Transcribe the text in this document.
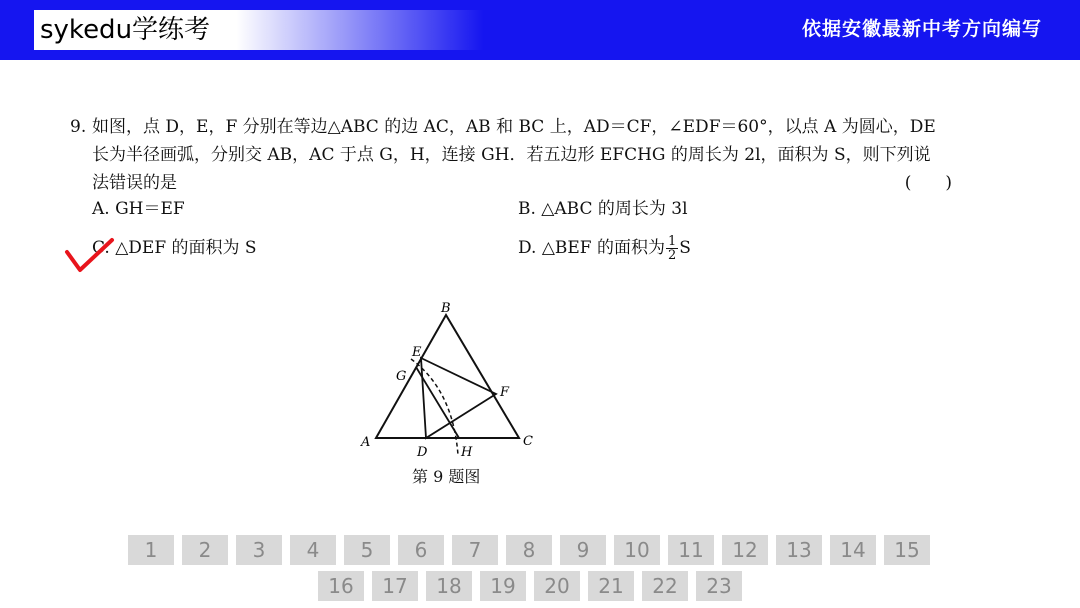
sykedu学练考	依据安徽最新中考方向编写
9. 如图，点 D，E，F 分别在等边△ABC 的边 AC，AB 和 BC 上，AD＝CF，∠EDF＝60°，以点 A 为圆心，DE
长为半径画弧，分别交 AB，AC 于点 G，H，连接 GH．若五边形 EFCHG 的周长为 2l，面积为 S，则下列说
法错误的是	(　　)
A. GH＝EF	B. △ABC 的周长为 3l
C. △DEF 的面积为 S	D. △BEF 的面积为 $\frac{1}{2}$ S
B
E
G
F
A	C
D	H
第 9 题图
1	2	3	4	5	6	7	8	9	10	11	12	13	14	15
16	17	18	19	20	21	22	23
